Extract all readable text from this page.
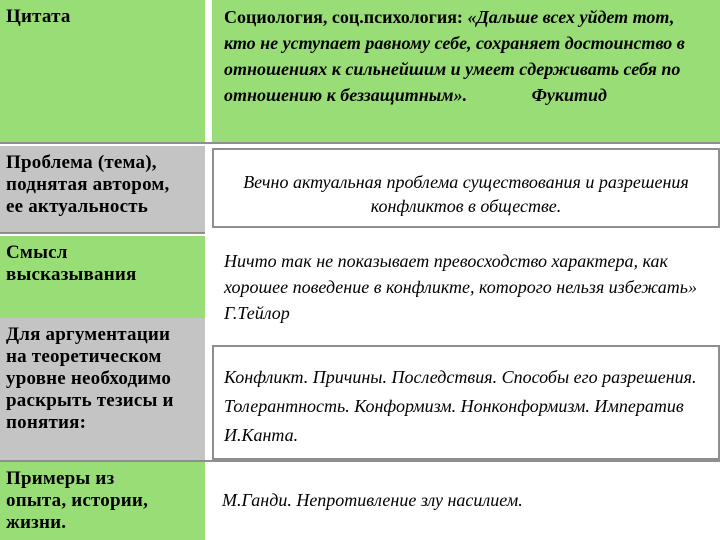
Цитата
Проблема (тема),
поднятая автором,
ее актуальность
Смысл
высказывания
Для аргументации
на теоретическом
уровне необходимо
раскрыть тезисы и
понятия:
Примеры из
опыта, истории,
жизни.
Социология, соц.психология: «Дальше всех уйдет тот, кто не уступает равному себе, сохраняет достоинство в отношениях к сильнейшим и умеет сдерживать себя по отношению к беззащитным».	Фукитид
Вечно актуальная проблема существования и разрешения конфликтов в обществе.
Ничто так не показывает превосходство характера, как хорошее поведение в конфликте, которого нельзя избежать» Г.Тейлор
Конфликт. Причины. Последствия. Способы его разрешения. Толерантность. Конформизм. Нонконформизм. Императив И.Канта.
М.Ганди. Непротивление злу насилием.
